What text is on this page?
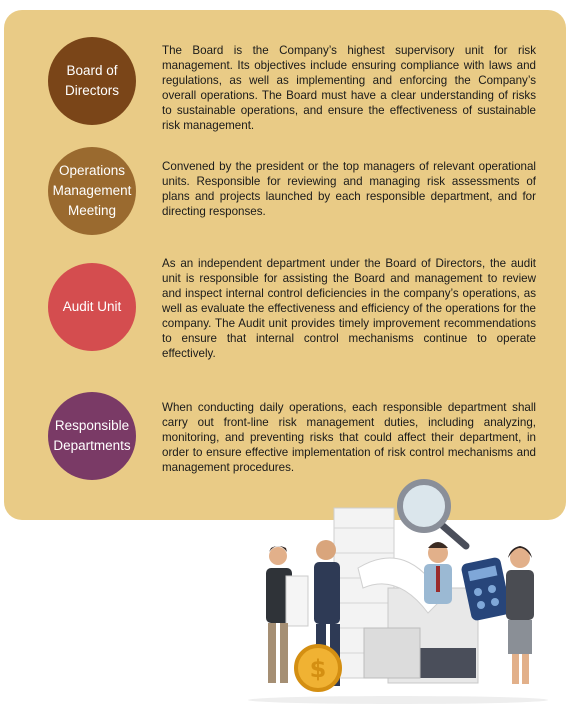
Board of
Directors
The Board is the Company’s highest supervisory unit for risk management. Its objectives include ensuring compliance with laws and regulations, as well as implementing and enforcing the Company’s overall operations. The Board must have a clear understanding of risks to sustainable operations, and ensure the effectiveness of sustainable risk management.
Operations
Management
Meeting
Convened by the president or the top managers of relevant operational units. Responsible for reviewing and managing risk assessments of plans and projects launched by each responsible department, and for directing responses.
Audit Unit
As an independent department under the Board of Directors, the audit unit is responsible for assisting the Board and management to review and inspect internal control deficiencies in the company’s operations, as well as evaluate the effectiveness and efficiency of the operations for the company. The Audit unit provides timely improvement recommendations to ensure that internal control mechanisms continue to operate effectively.
Responsible
Departments
When conducting daily operations, each responsible department shall carry out front-line risk management duties, including analyzing, monitoring, and preventing risks that could affect their department, in order to ensure effective implementation of risk control mechanisms and management procedures.
$
